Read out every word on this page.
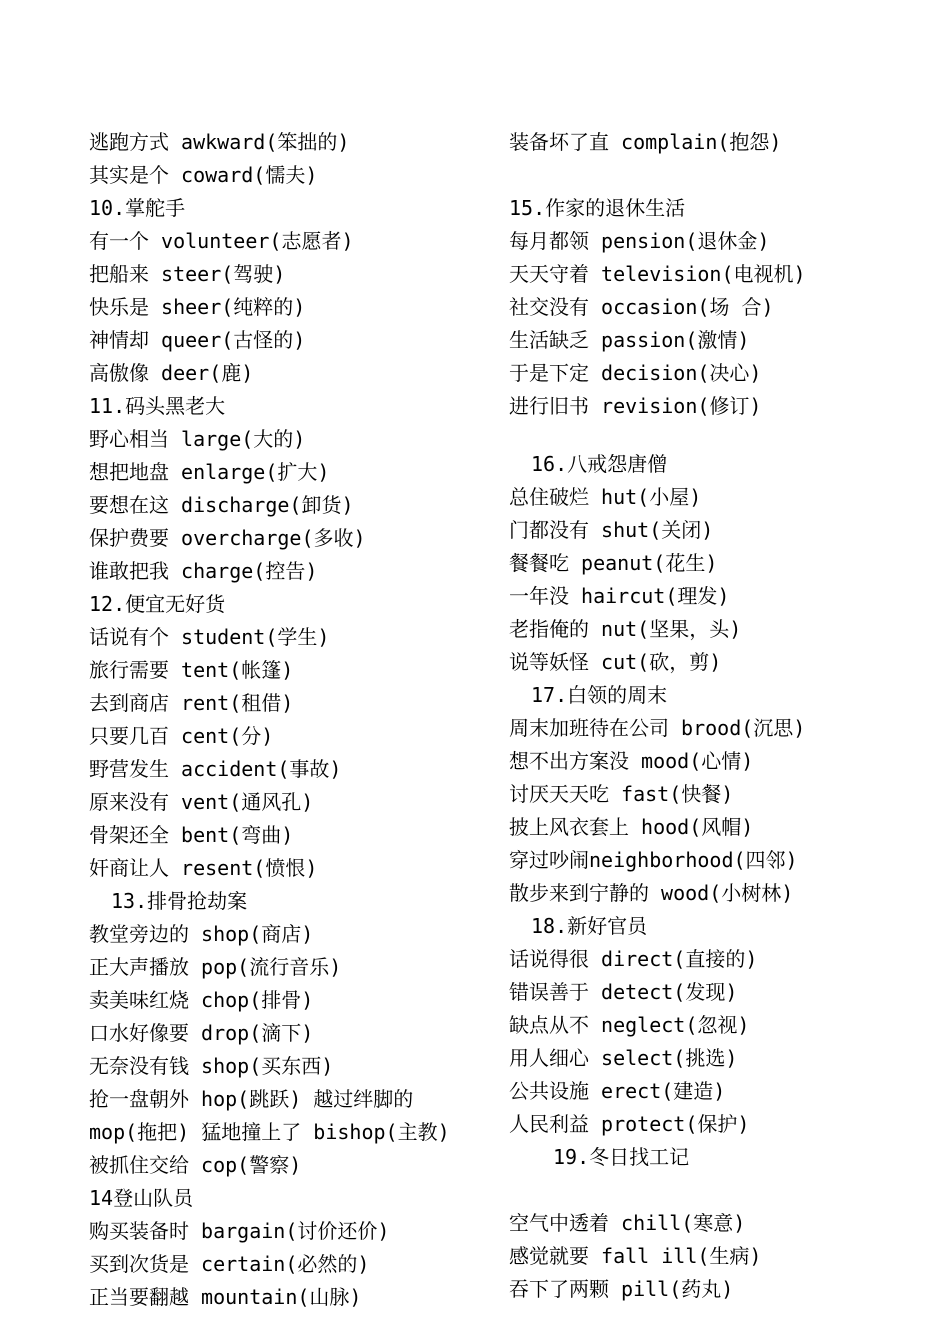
逃跑方式 awkward(笨拙的)
其实是个 coward(懦夫)
10.掌舵手
有一个 volunteer(志愿者)
把船来 steer(驾驶)
快乐是 sheer(纯粹的)
神情却 queer(古怪的)
高傲像 deer(鹿)
11.码头黑老大
野心相当 large(大的)
想把地盘 enlarge(扩大)
要想在这 discharge(卸货)
保护费要 overcharge(多收)
谁敢把我 charge(控告)
12.便宜无好货
话说有个 student(学生)
旅行需要 tent(帐篷)
去到商店 rent(租借)
只要几百 cent(分)
野营发生 accident(事故)
原来没有 vent(通风孔)
骨架还全 bent(弯曲)
奸商让人 resent(愤恨)
13.排骨抢劫案
教堂旁边的 shop(商店)
正大声播放 pop(流行音乐)
卖美味红烧 chop(排骨)
口水好像要 drop(滴下)
无奈没有钱 shop(买东西)
抢一盘朝外 hop(跳跃) 越过绊脚的
mop(拖把) 猛地撞上了 bishop(主教)
被抓住交给 cop(警察)
14登山队员
购买装备时 bargain(讨价还价)
买到次货是 certain(必然的)
正当要翻越 mountain(山脉)
装备坏了直 complain(抱怨)
15.作家的退休生活
每月都领 pension(退休金)
天天守着 television(电视机)
社交没有 occasion(场 合)
生活缺乏 passion(激情)
于是下定 decision(决心)
进行旧书 revision(修订)
16.八戒怨唐僧
总住破烂 hut(小屋)
门都没有 shut(关闭)
餐餐吃 peanut(花生)
一年没 haircut(理发)
老指俺的 nut(坚果，头)
说等妖怪 cut(砍，剪)
17.白领的周末
周末加班待在公司 brood(沉思)
想不出方案没 mood(心情)
讨厌天天吃 fast(快餐)
披上风衣套上 hood(风帽)
穿过吵闹neighborhood(四邻)
散步来到宁静的 wood(小树林)
18.新好官员
话说得很 direct(直接的)
错误善于 detect(发现)
缺点从不 neglect(忽视)
用人细心 select(挑选)
公共设施 erect(建造)
人民利益 protect(保护)
19.冬日找工记
空气中透着 chill(寒意)
感觉就要 fall ill(生病)
吞下了两颗 pill(药丸)
